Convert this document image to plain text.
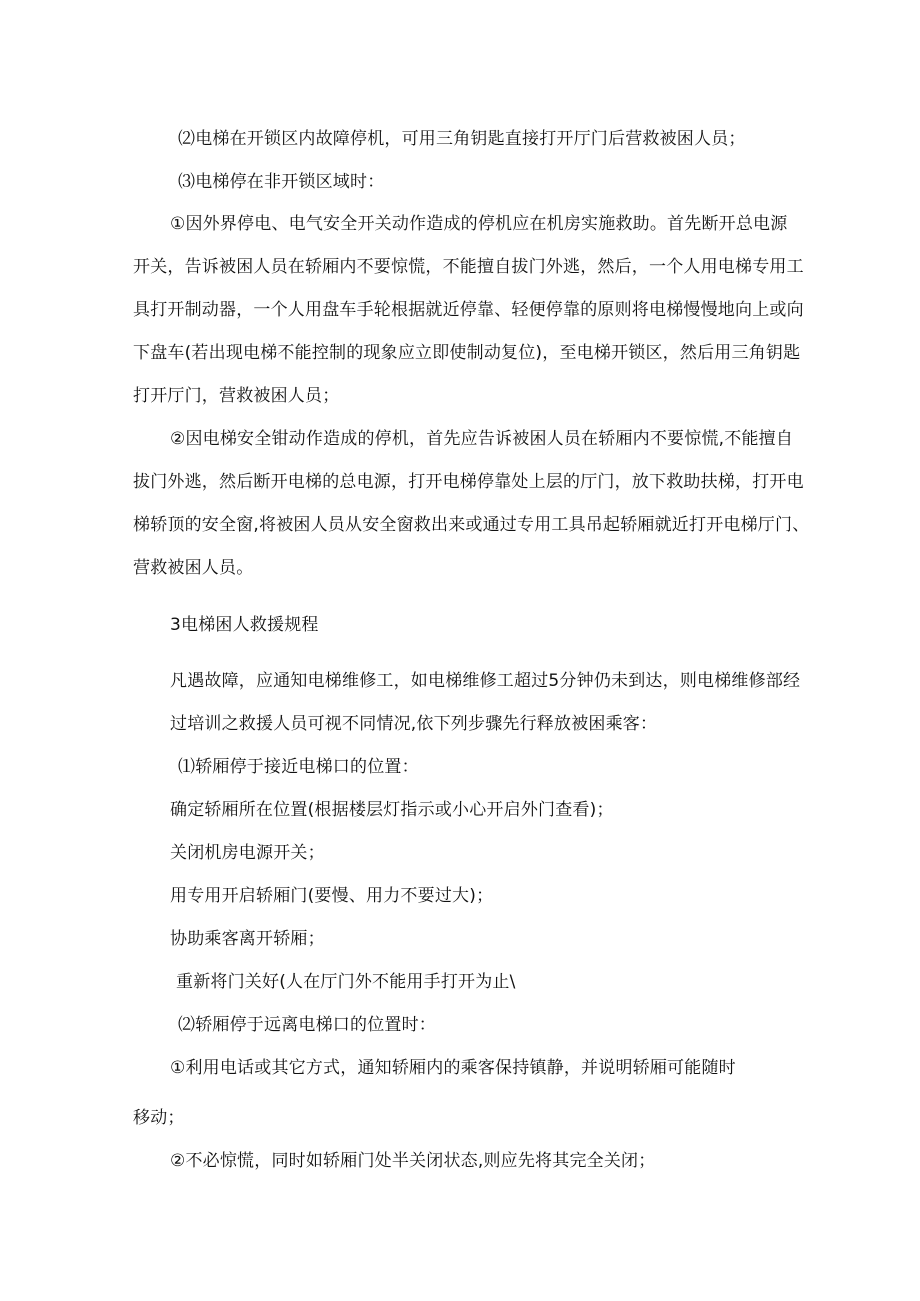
⑵电梯在开锁区内故障停机，可用三角钥匙直接打开厅门后营救被困人员；
⑶电梯停在非开锁区域时：
①因外界停电、电气安全开关动作造成的停机应在机房实施救助。首先断开总电源
开关，告诉被困人员在轿厢内不要惊慌，不能擅自拔门外逃，然后，一个人用电梯专用工
具打开制动器，一个人用盘车手轮根据就近停靠、轻便停靠的原则将电梯慢慢地向上或向
下盘车(若出现电梯不能控制的现象应立即使制动复位)，至电梯开锁区，然后用三角钥匙
打开厅门，营救被困人员；
②因电梯安全钳动作造成的停机，首先应告诉被困人员在轿厢内不要惊慌,不能擅自
拔门外逃，然后断开电梯的总电源，打开电梯停靠处上层的厅门，放下救助扶梯，打开电
梯轿顶的安全窗,将被困人员从安全窗救出来或通过专用工具吊起轿厢就近打开电梯厅门、
营救被困人员。
3电梯困人救援规程
凡遇故障，应通知电梯维修工，如电梯维修工超过5分钟仍未到达，则电梯维修部经
过培训之救援人员可视不同情况,依下列步骤先行释放被困乘客：
⑴轿厢停于接近电梯口的位置：
确定轿厢所在位置(根据楼层灯指示或小心开启外门查看)；
关闭机房电源开关；
用专用开启轿厢门(要慢、用力不要过大)；
协助乘客离开轿厢；
重新将门关好(人在厅门外不能用手打开为止\
⑵轿厢停于远离电梯口的位置时：
①利用电话或其它方式，通知轿厢内的乘客保持镇静，并说明轿厢可能随时
移动；
②不必惊慌，同时如轿厢门处半关闭状态,则应先将其完全关闭；
